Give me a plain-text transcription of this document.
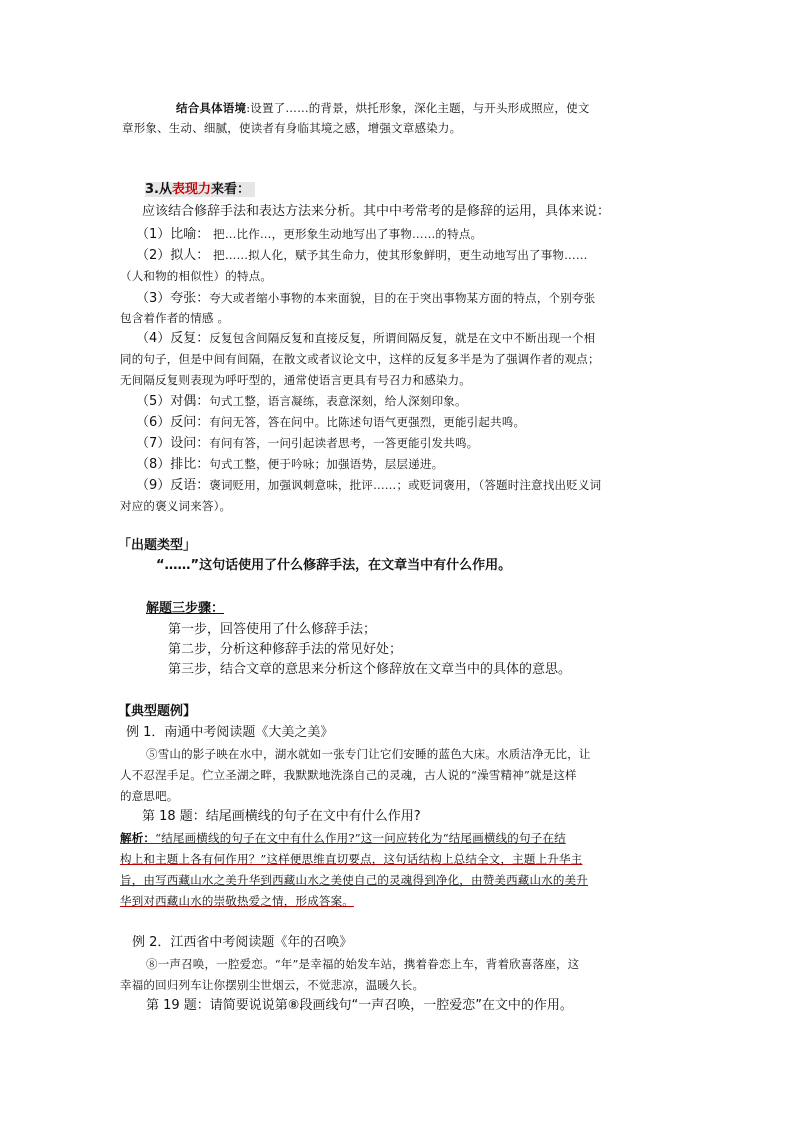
结合具体语境:设置了……的背景，烘托形象，深化主题，与开头形成照应，使文
章形象、生动、细腻，使读者有身临其境之感，增强文章感染力。
3.从表现力来看：
应该结合修辞手法和表达方法来分析。其中中考常考的是修辞的运用，具体来说：
（1）比喻： 把…比作…，更形象生动地写出了事物……的特点。
（2）拟人： 把……拟人化，赋予其生命力，使其形象鲜明，更生动地写出了事物……
（人和物的相似性）的特点。
（3）夸张：夸大或者缩小事物的本来面貌，目的在于突出事物某方面的特点，个别夸张
包含着作者的情感 。
（4）反复：反复包含间隔反复和直接反复，所谓间隔反复，就是在文中不断出现一个相
同的句子，但是中间有间隔，在散文或者议论文中，这样的反复多半是为了强调作者的观点；
无间隔反复则表现为呼吁型的，通常使语言更具有号召力和感染力。
（5）对偶：句式工整，语言凝练，表意深刻，给人深刻印象。
（6）反问：有问无答，答在问中。比陈述句语气更强烈，更能引起共鸣。
（7）设问：有问有答，一问引起读者思考，一答更能引发共鸣。
（8）排比：句式工整，便于吟咏；加强语势，层层递进。
（9）反语：褒词贬用，加强讽刺意味，批评……；或贬词褒用，（答题时注意找出贬义词
对应的褒义词来答）。
「出题类型」
“……”这句话使用了什么修辞手法，在文章当中有什么作用。
解题三步骤：
第一步，回答使用了什么修辞手法；
第二步，分析这种修辞手法的常见好处；
第三步，结合文章的意思来分析这个修辞放在文章当中的具体的意思。
【典型题例】
例 1．南通中考阅读题《大美之美》
⑤雪山的影子映在水中，湖水就如一张专门让它们安睡的蓝色大床。水质洁净无比，让
人不忍涅手足。伫立圣湖之畔，我默默地洗涤自己的灵魂，古人说的“澡雪精神”就是这样
的意思吧。
第 18 题：结尾画横线的句子在文中有什么作用?
解析：“结尾画横线的句子在文中有什么作用?”这一问应转化为“结尾画横线的句子在结
构上和主题上各有何作用？”这样便思维直切要点，这句话结构上总结全文，主题上升华主
旨，由写西藏山水之美升华到西藏山水之美使自己的灵魂得到净化，由赞美西藏山水的美升
华到对西藏山水的崇敬热爱之情，形成答案。
例 2．江西省中考阅读题《年的召唤》
⑧一声召唤，一腔爱恋。“年”是幸福的始发车站，携着眷恋上车，背着欣喜落座，这
幸福的回归列车让你摆别尘世烟云，不觉悲凉，温暖久长。
第 19 题：请简要说说第⑧段画线句“一声召唤，一腔爱恋”在文中的作用。
